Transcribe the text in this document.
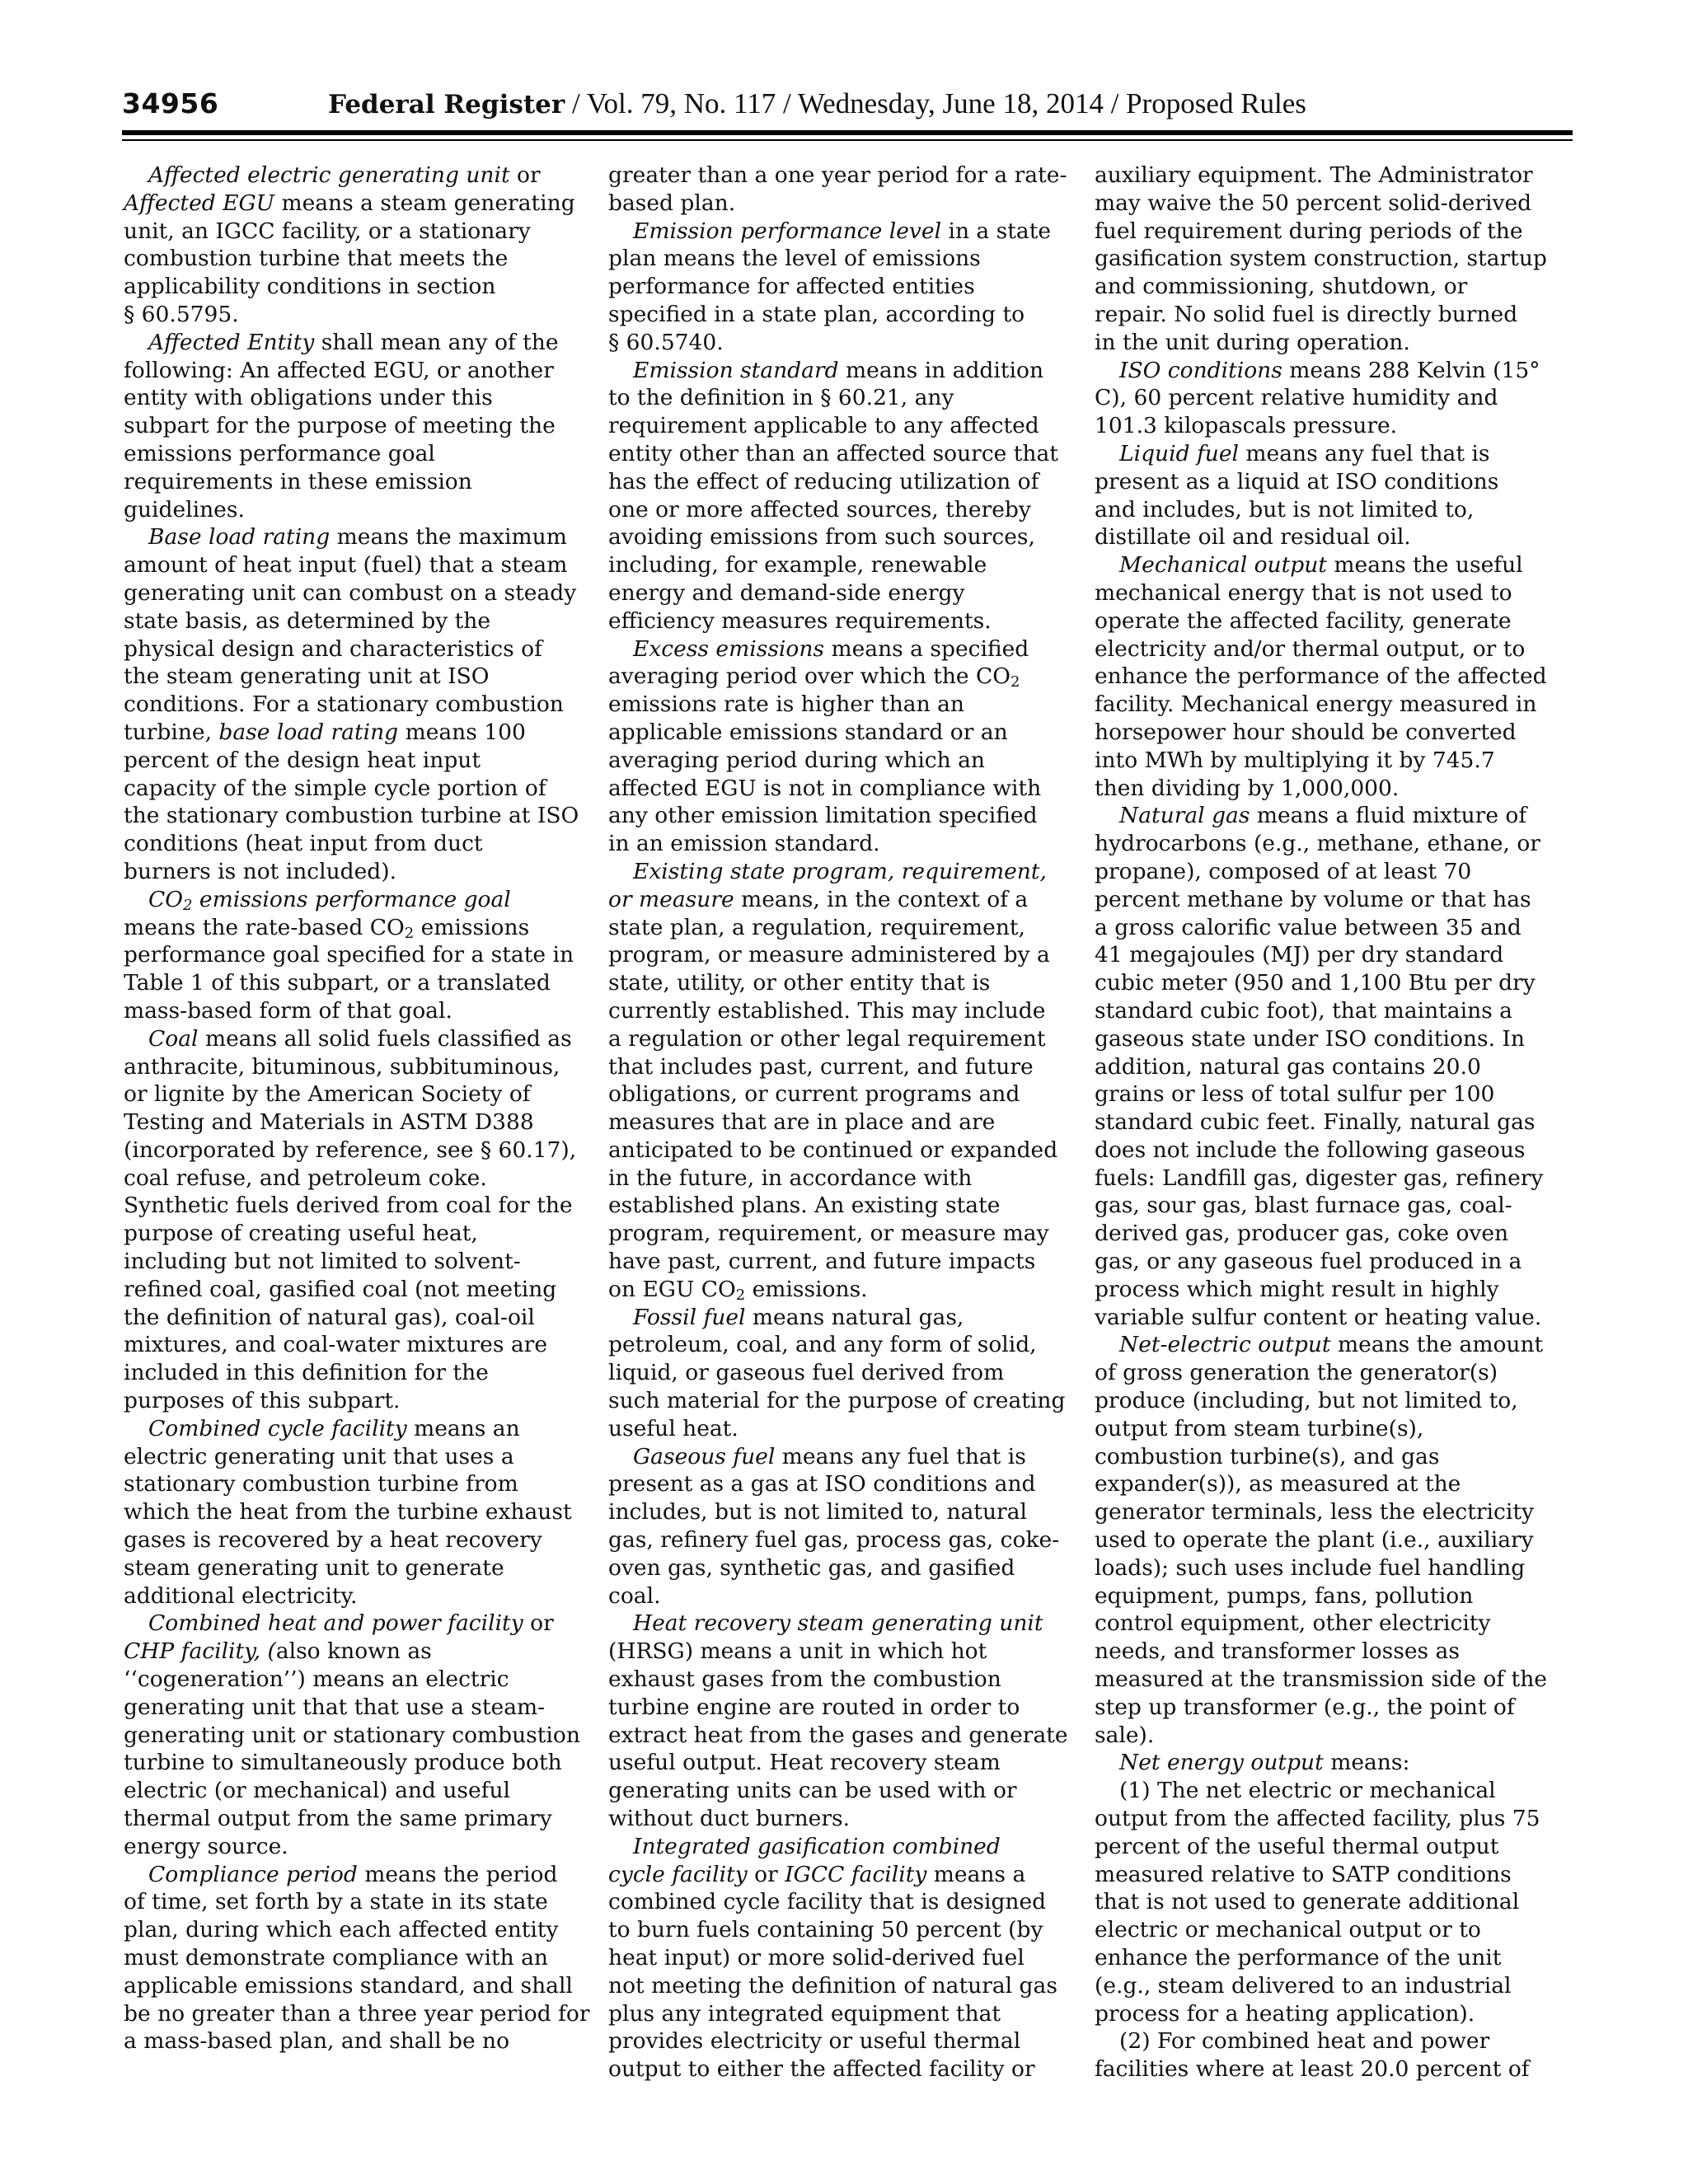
34956	Federal Register / Vol. 79, No. 117 / Wednesday, June 18, 2014 / Proposed Rules

Affected electric generating unit or
Affected EGU means a steam generating
unit, an IGCC facility, or a stationary
combustion turbine that meets the
applicability conditions in section
§ 60.5795.

Affected Entity shall mean any of the
following: An affected EGU, or another
entity with obligations under this
subpart for the purpose of meeting the
emissions performance goal
requirements in these emission
guidelines.

Base load rating means the maximum
amount of heat input (fuel) that a steam
generating unit can combust on a steady
state basis, as determined by the
physical design and characteristics of
the steam generating unit at ISO
conditions. For a stationary combustion
turbine, base load rating means 100
percent of the design heat input
capacity of the simple cycle portion of
the stationary combustion turbine at ISO
conditions (heat input from duct
burners is not included).

$CO_2$ emissions performance goal
means the rate-based $CO_2$ emissions
performance goal specified for a state in
Table 1 of this subpart, or a translated
mass-based form of that goal.

Coal means all solid fuels classified as
anthracite, bituminous, subbituminous,
or lignite by the American Society of
Testing and Materials in ASTM D388
(incorporated by reference, see § 60.17),
coal refuse, and petroleum coke.
Synthetic fuels derived from coal for the
purpose of creating useful heat,
including but not limited to solvent-
refined coal, gasified coal (not meeting
the definition of natural gas), coal-oil
mixtures, and coal-water mixtures are
included in this definition for the
purposes of this subpart.

Combined cycle facility means an
electric generating unit that uses a
stationary combustion turbine from
which the heat from the turbine exhaust
gases is recovered by a heat recovery
steam generating unit to generate
additional electricity.

Combined heat and power facility or
CHP facility, (also known as
‘‘cogeneration’’) means an electric
generating unit that that use a steam-
generating unit or stationary combustion
turbine to simultaneously produce both
electric (or mechanical) and useful
thermal output from the same primary
energy source.

Compliance period means the period
of time, set forth by a state in its state
plan, during which each affected entity
must demonstrate compliance with an
applicable emissions standard, and shall
be no greater than a three year period for
a mass-based plan, and shall be no

greater than a one year period for a rate-
based plan.

Emission performance level in a state
plan means the level of emissions
performance for affected entities
specified in a state plan, according to
§ 60.5740.

Emission standard means in addition
to the definition in § 60.21, any
requirement applicable to any affected
entity other than an affected source that
has the effect of reducing utilization of
one or more affected sources, thereby
avoiding emissions from such sources,
including, for example, renewable
energy and demand-side energy
efficiency measures requirements.

Excess emissions means a specified
averaging period over which the $CO_2$
emissions rate is higher than an
applicable emissions standard or an
averaging period during which an
affected EGU is not in compliance with
any other emission limitation specified
in an emission standard.

Existing state program, requirement,
or measure means, in the context of a
state plan, a regulation, requirement,
program, or measure administered by a
state, utility, or other entity that is
currently established. This may include
a regulation or other legal requirement
that includes past, current, and future
obligations, or current programs and
measures that are in place and are
anticipated to be continued or expanded
in the future, in accordance with
established plans. An existing state
program, requirement, or measure may
have past, current, and future impacts
on EGU $CO_2$ emissions.

Fossil fuel means natural gas,
petroleum, coal, and any form of solid,
liquid, or gaseous fuel derived from
such material for the purpose of creating
useful heat.

Gaseous fuel means any fuel that is
present as a gas at ISO conditions and
includes, but is not limited to, natural
gas, refinery fuel gas, process gas, coke-
oven gas, synthetic gas, and gasified
coal.

Heat recovery steam generating unit
(HRSG) means a unit in which hot
exhaust gases from the combustion
turbine engine are routed in order to
extract heat from the gases and generate
useful output. Heat recovery steam
generating units can be used with or
without duct burners.

Integrated gasification combined
cycle facility or IGCC facility means a
combined cycle facility that is designed
to burn fuels containing 50 percent (by
heat input) or more solid-derived fuel
not meeting the definition of natural gas
plus any integrated equipment that
provides electricity or useful thermal
output to either the affected facility or

auxiliary equipment. The Administrator
may waive the 50 percent solid-derived
fuel requirement during periods of the
gasification system construction, startup
and commissioning, shutdown, or
repair. No solid fuel is directly burned
in the unit during operation.

ISO conditions means 288 Kelvin (15°
C), 60 percent relative humidity and
101.3 kilopascals pressure.

Liquid fuel means any fuel that is
present as a liquid at ISO conditions
and includes, but is not limited to,
distillate oil and residual oil.

Mechanical output means the useful
mechanical energy that is not used to
operate the affected facility, generate
electricity and/or thermal output, or to
enhance the performance of the affected
facility. Mechanical energy measured in
horsepower hour should be converted
into MWh by multiplying it by 745.7
then dividing by 1,000,000.

Natural gas means a fluid mixture of
hydrocarbons (e.g., methane, ethane, or
propane), composed of at least 70
percent methane by volume or that has
a gross calorific value between 35 and
41 megajoules (MJ) per dry standard
cubic meter (950 and 1,100 Btu per dry
standard cubic foot), that maintains a
gaseous state under ISO conditions. In
addition, natural gas contains 20.0
grains or less of total sulfur per 100
standard cubic feet. Finally, natural gas
does not include the following gaseous
fuels: Landfill gas, digester gas, refinery
gas, sour gas, blast furnace gas, coal-
derived gas, producer gas, coke oven
gas, or any gaseous fuel produced in a
process which might result in highly
variable sulfur content or heating value.

Net-electric output means the amount
of gross generation the generator(s)
produce (including, but not limited to,
output from steam turbine(s),
combustion turbine(s), and gas
expander(s)), as measured at the
generator terminals, less the electricity
used to operate the plant (i.e., auxiliary
loads); such uses include fuel handling
equipment, pumps, fans, pollution
control equipment, other electricity
needs, and transformer losses as
measured at the transmission side of the
step up transformer (e.g., the point of
sale).

Net energy output means:

(1) The net electric or mechanical
output from the affected facility, plus 75
percent of the useful thermal output
measured relative to SATP conditions
that is not used to generate additional
electric or mechanical output or to
enhance the performance of the unit
(e.g., steam delivered to an industrial
process for a heating application).

(2) For combined heat and power
facilities where at least 20.0 percent of
